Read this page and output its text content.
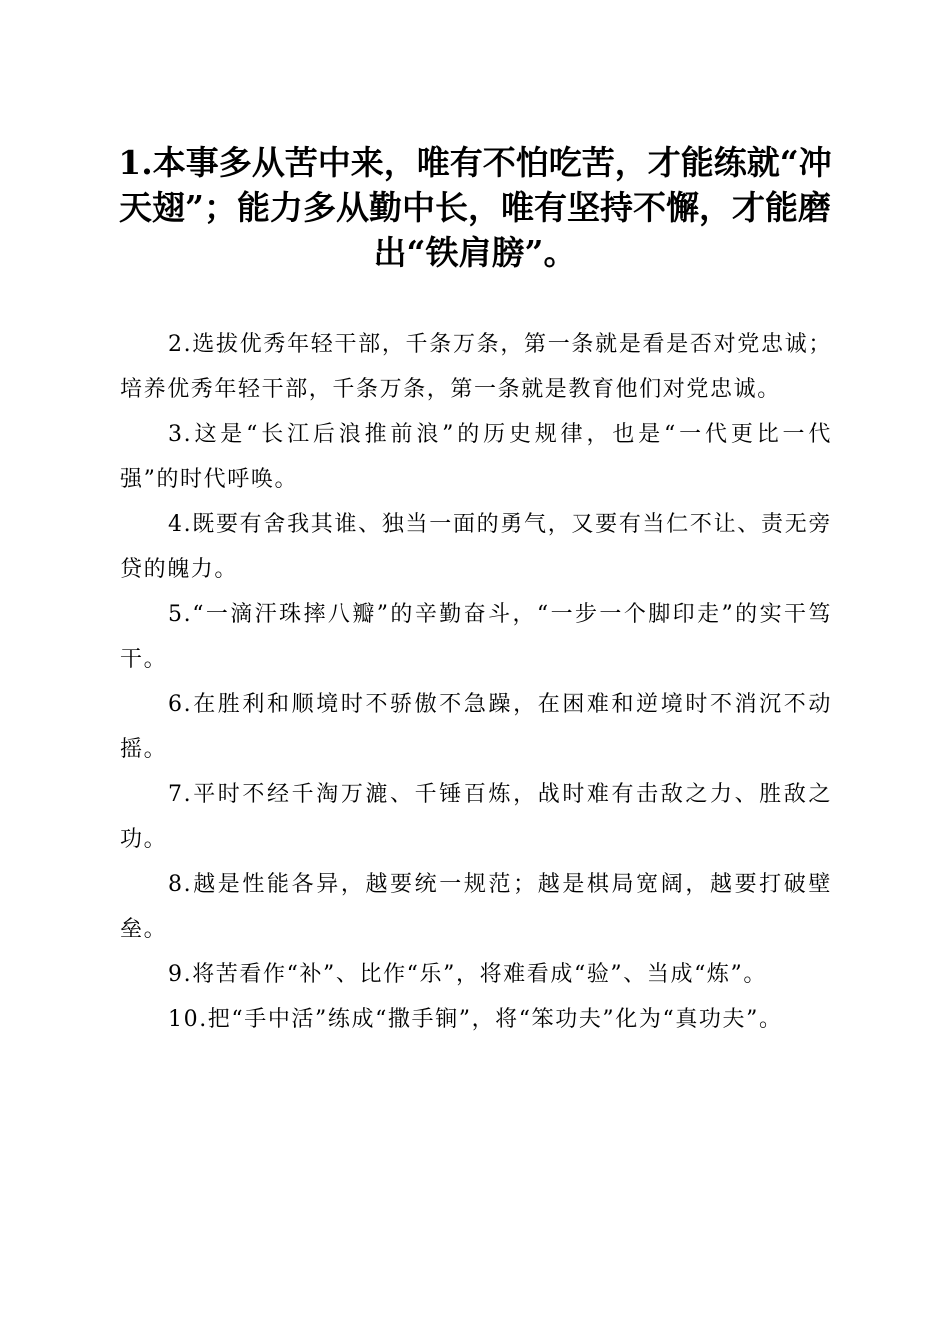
1.本事多从苦中来，唯有不怕吃苦，才能练就“冲天翅”；能力多从勤中长，唯有坚持不懈，才能磨出“铁肩膀”。

2.选拔优秀年轻干部，千条万条，第一条就是看是否对党忠诚；培养优秀年轻干部，千条万条，第一条就是教育他们对党忠诚。

3.这是“长江后浪推前浪”的历史规律，也是“一代更比一代强”的时代呼唤。

4.既要有舍我其谁、独当一面的勇气，又要有当仁不让、责无旁贷的魄力。

5.“一滴汗珠摔八瓣”的辛勤奋斗，“一步一个脚印走”的实干笃干。

6.在胜利和顺境时不骄傲不急躁，在困难和逆境时不消沉不动摇。

7.平时不经千淘万漉、千锤百炼，战时难有击敌之力、胜敌之功。

8.越是性能各异，越要统一规范；越是棋局宽阔，越要打破壁垒。

9.将苦看作“补”、比作“乐”，将难看成“验”、当成“炼”。

10.把“手中活”练成“撒手锏”，将“笨功夫”化为“真功夫”。
